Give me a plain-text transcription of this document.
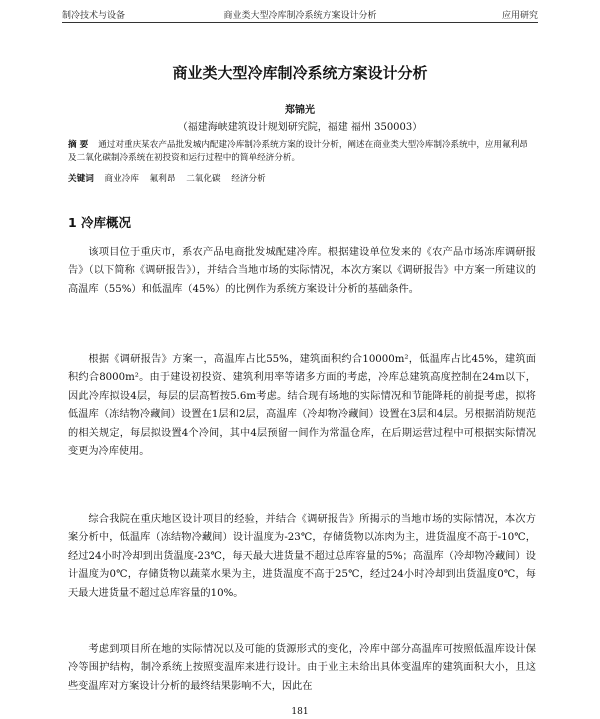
制冷技术与设备	商业类大型冷库制冷系统方案设计分析	应用研究
商业类大型冷库制冷系统方案设计分析
郑锦光
（福建海峡建筑设计规划研究院，福建 福州 350003）
摘 要 通过对重庆某农产品批发城内配建冷库制冷系统方案的设计分析，阐述在商业类大型冷库制冷系统中，应用氟利昂及二氧化碳制冷系统在初投资和运行过程中的简单经济分析。
关键词 商业冷库 氟利昂 二氧化碳 经济分析
1 冷库概况

该项目位于重庆市，系农产品电商批发城配建冷库。根据建设单位发来的《农产品市场冻库调研报告》（以下简称《调研报告》），并结合当地市场的实际情况，本次方案以《调研报告》中方案一所建议的高温库（55%）和低温库（45%）的比例作为系统方案设计分析的基础条件。

根据《调研报告》方案一，高温库占比55%，建筑面积约合10000m²，低温库占比45%，建筑面积约合8000m²。由于建设初投资、建筑利用率等诸多方面的考虑，冷库总建筑高度控制在24m以下，因此冷库拟设4层，每层的层高暂按5.6m考虑。结合现有场地的实际情况和节能降耗的前提考虑，拟将低温库（冻结物冷藏间）设置在1层和2层，高温库（冷却物冷藏间）设置在3层和4层。另根据消防规范的相关规定，每层拟设置4个冷间，其中4层预留一间作为常温仓库，在后期运营过程中可根据实际情况变更为冷库使用。

综合我院在重庆地区设计项目的经验，并结合《调研报告》所揭示的当地市场的实际情况，本次方案分析中，低温库（冻结物冷藏间）设计温度为-23℃，存储货物以冻肉为主，进货温度不高于-10℃，经过24小时冷却到出货温度-23℃，每天最大进货量不超过总库容量的5%；高温库（冷却物冷藏间）设计温度为0℃，存储货物以蔬菜水果为主，进货温度不高于25℃，经过24小时冷却到出货温度0℃，每天最大进货量不超过总库容量的10%。

考虑到项目所在地的实际情况以及可能的货源形式的变化，冷库中部分高温库可按照低温库设计保冷等围护结构，制冷系统上按照变温库来进行设计。由于业主未给出具体变温库的建筑面积大小，且这些变温库对方案设计分析的最终结果影响不大，因此在

181
